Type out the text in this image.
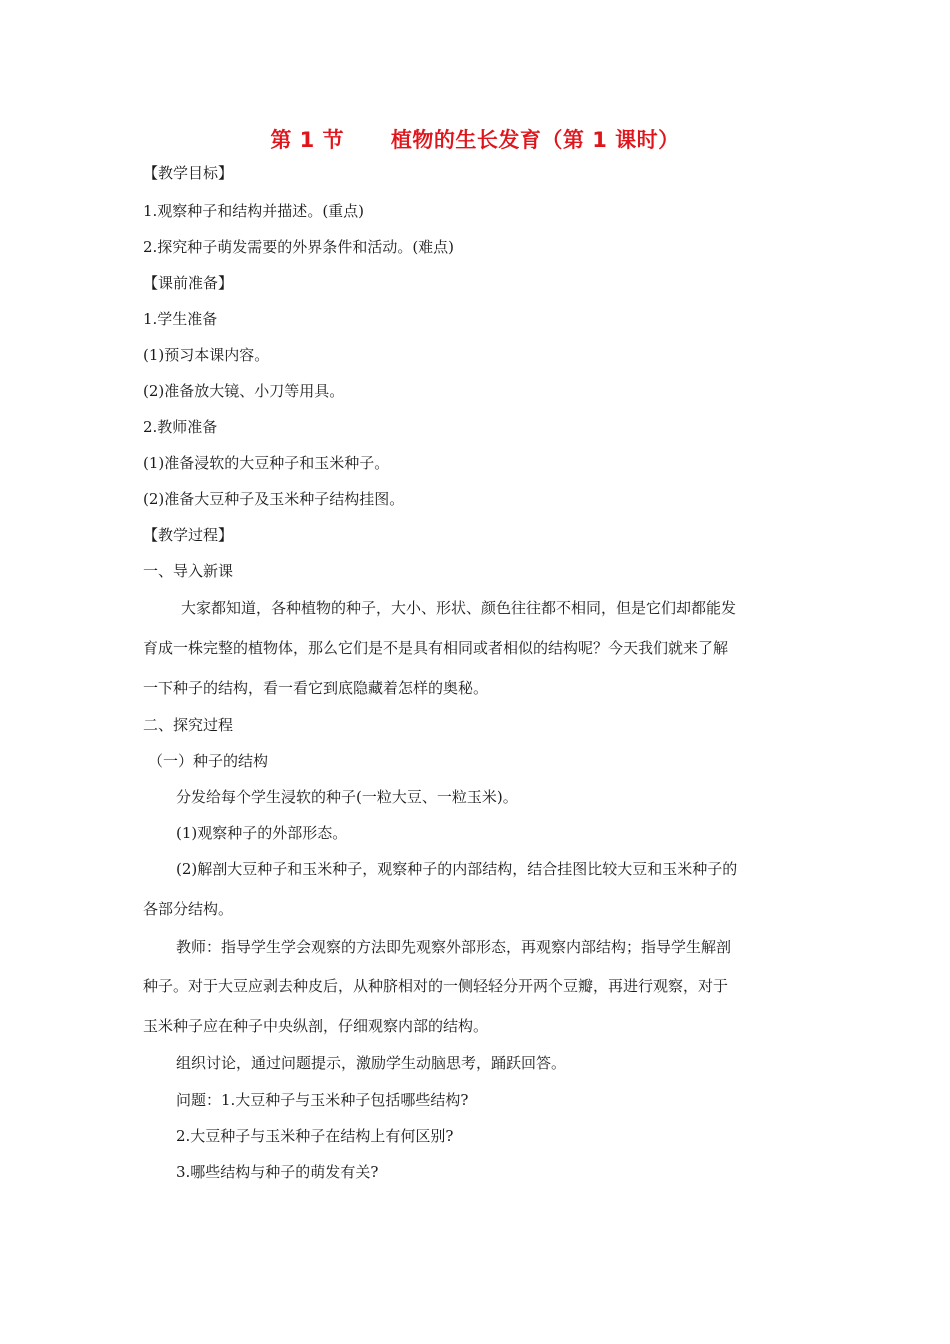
第 1 节      植物的生长发育（第 1 课时）
【教学目标】
1.观察种子和结构并描述。(重点)
2.探究种子萌发需要的外界条件和活动。(难点)
【课前准备】
1.学生准备
(1)预习本课内容。
(2)准备放大镜、小刀等用具。
2.教师准备
(1)准备浸软的大豆种子和玉米种子。
(2)准备大豆种子及玉米种子结构挂图。
【教学过程】
一、导入新课
大家都知道，各种植物的种子，大小、形状、颜色往往都不相同，但是它们却都能发
育成一株完整的植物体，那么它们是不是具有相同或者相似的结构呢？今天我们就来了解
一下种子的结构，看一看它到底隐藏着怎样的奥秘。
二、探究过程
（一）种子的结构
分发给每个学生浸软的种子(一粒大豆、一粒玉米)。
(1)观察种子的外部形态。
(2)解剖大豆种子和玉米种子，观察种子的内部结构，结合挂图比较大豆和玉米种子的
各部分结构。
教师：指导学生学会观察的方法即先观察外部形态，再观察内部结构；指导学生解剖
种子。对于大豆应剥去种皮后，从种脐相对的一侧轻轻分开两个豆瓣，再进行观察，对于
玉米种子应在种子中央纵剖，仔细观察内部的结构。
组织讨论，通过问题提示，激励学生动脑思考，踊跃回答。
问题：1.大豆种子与玉米种子包括哪些结构?
2.大豆种子与玉米种子在结构上有何区别?
3.哪些结构与种子的萌发有关?
